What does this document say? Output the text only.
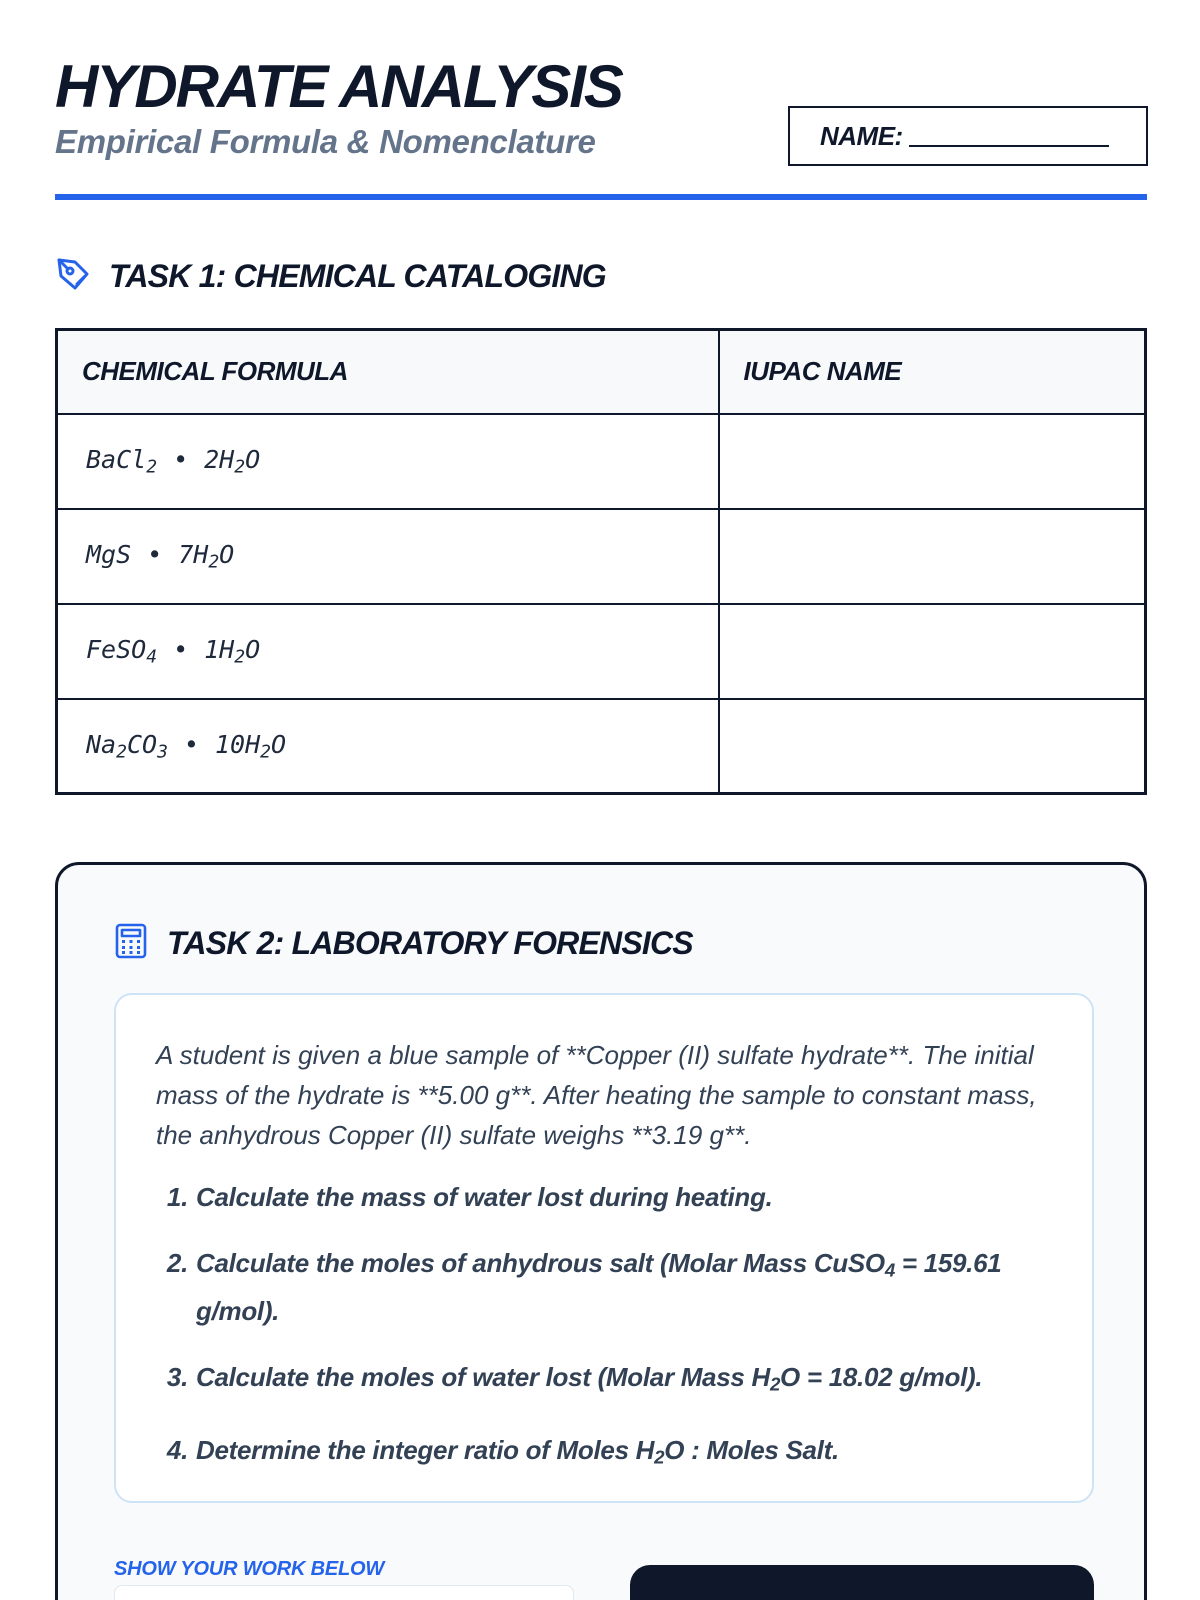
HYDRATE ANALYSIS
Empirical Formula & Nomenclature	NAME:
TASK 1: CHEMICAL CATALOGING
CHEMICAL FORMULA	IUPAC NAME
BaCl$_2$ • $2H_2O$	
MgS • $7H_2O$	
FeSO$_4$ • $1H_2O$	
$Na_2CO_3$ • $10H_2O$	
TASK 2: LABORATORY FORENSICS

A student is given a blue sample of **Copper (II) sulfate hydrate**. The initial mass of the hydrate is **5.00 g**. After heating the sample to constant mass, the anhydrous Copper (II) sulfate weighs **3.19 g**.

1. Calculate the mass of water lost during heating.
2. Calculate the moles of anhydrous salt (Molar Mass CuSO$_4$ = 159.61 g/mol).
3. Calculate the moles of water lost (Molar Mass $H_2O = 18.02$ g/mol).
4. Determine the integer ratio of Moles $H_2O$ : Moles Salt.
SHOW YOUR WORK BELOW
